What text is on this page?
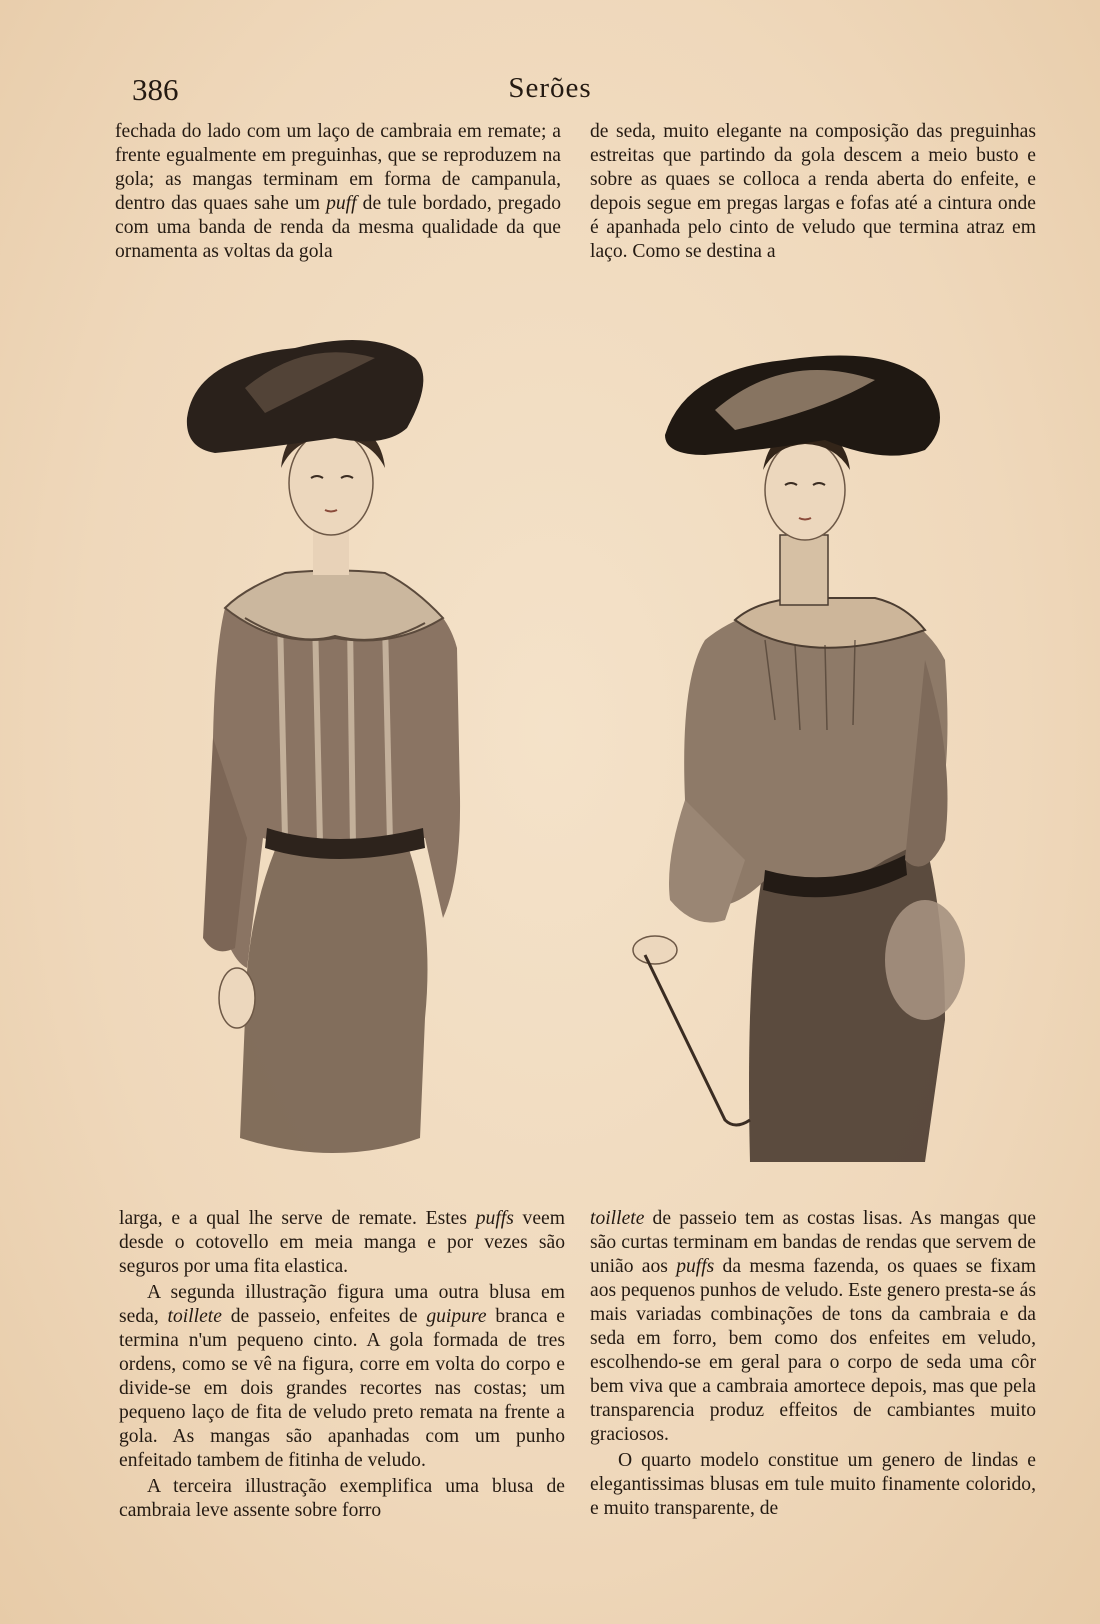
386	Serões

fechada do lado com um laço de cambraia em remate; a frente egualmente em preguinhas, que se reproduzem na gola; as mangas terminam em forma de campanula, dentro das quaes sahe um puff de tule bordado, pregado com uma banda de renda da mesma qualidade da que ornamenta as voltas da gola

de seda, muito elegante na composição das preguinhas estreitas que partindo da gola descem a meio busto e sobre as quaes se colloca a renda aberta do enfeite, e depois segue em pregas largas e fofas até a cintura onde é apanhada pelo cinto de veludo que termina atraz em laço. Como se destina a

larga, e a qual lhe serve de remate. Estes puffs veem desde o cotovello em meia manga e por vezes são seguros por uma fita elastica.

A segunda illustração figura uma outra blusa em seda, toillete de passeio, enfeites de guipure branca e termina n'um pequeno cinto. A gola formada de tres ordens, como se vê na figura, corre em volta do corpo e divide-se em dois grandes recortes nas costas; um pequeno laço de fita de veludo preto remata na frente a gola. As mangas são apanhadas com um punho enfeitado tambem de fitinha de veludo.

A terceira illustração exemplifica uma blusa de cambraia leve assente sobre forro

toillete de passeio tem as costas lisas. As mangas que são curtas terminam em bandas de rendas que servem de união aos puffs da mesma fazenda, os quaes se fixam aos pequenos punhos de veludo. Este genero presta-se ás mais variadas combinações de tons da cambraia e da seda em forro, bem como dos enfeites em veludo, escolhendo-se em geral para o corpo de seda uma côr bem viva que a cambraia amortece depois, mas que pela transparencia produz effeitos de cambiantes muito graciosos.

O quarto modelo constitue um genero de lindas e elegantissimas blusas em tule muito finamente colorido, e muito transparente, de
